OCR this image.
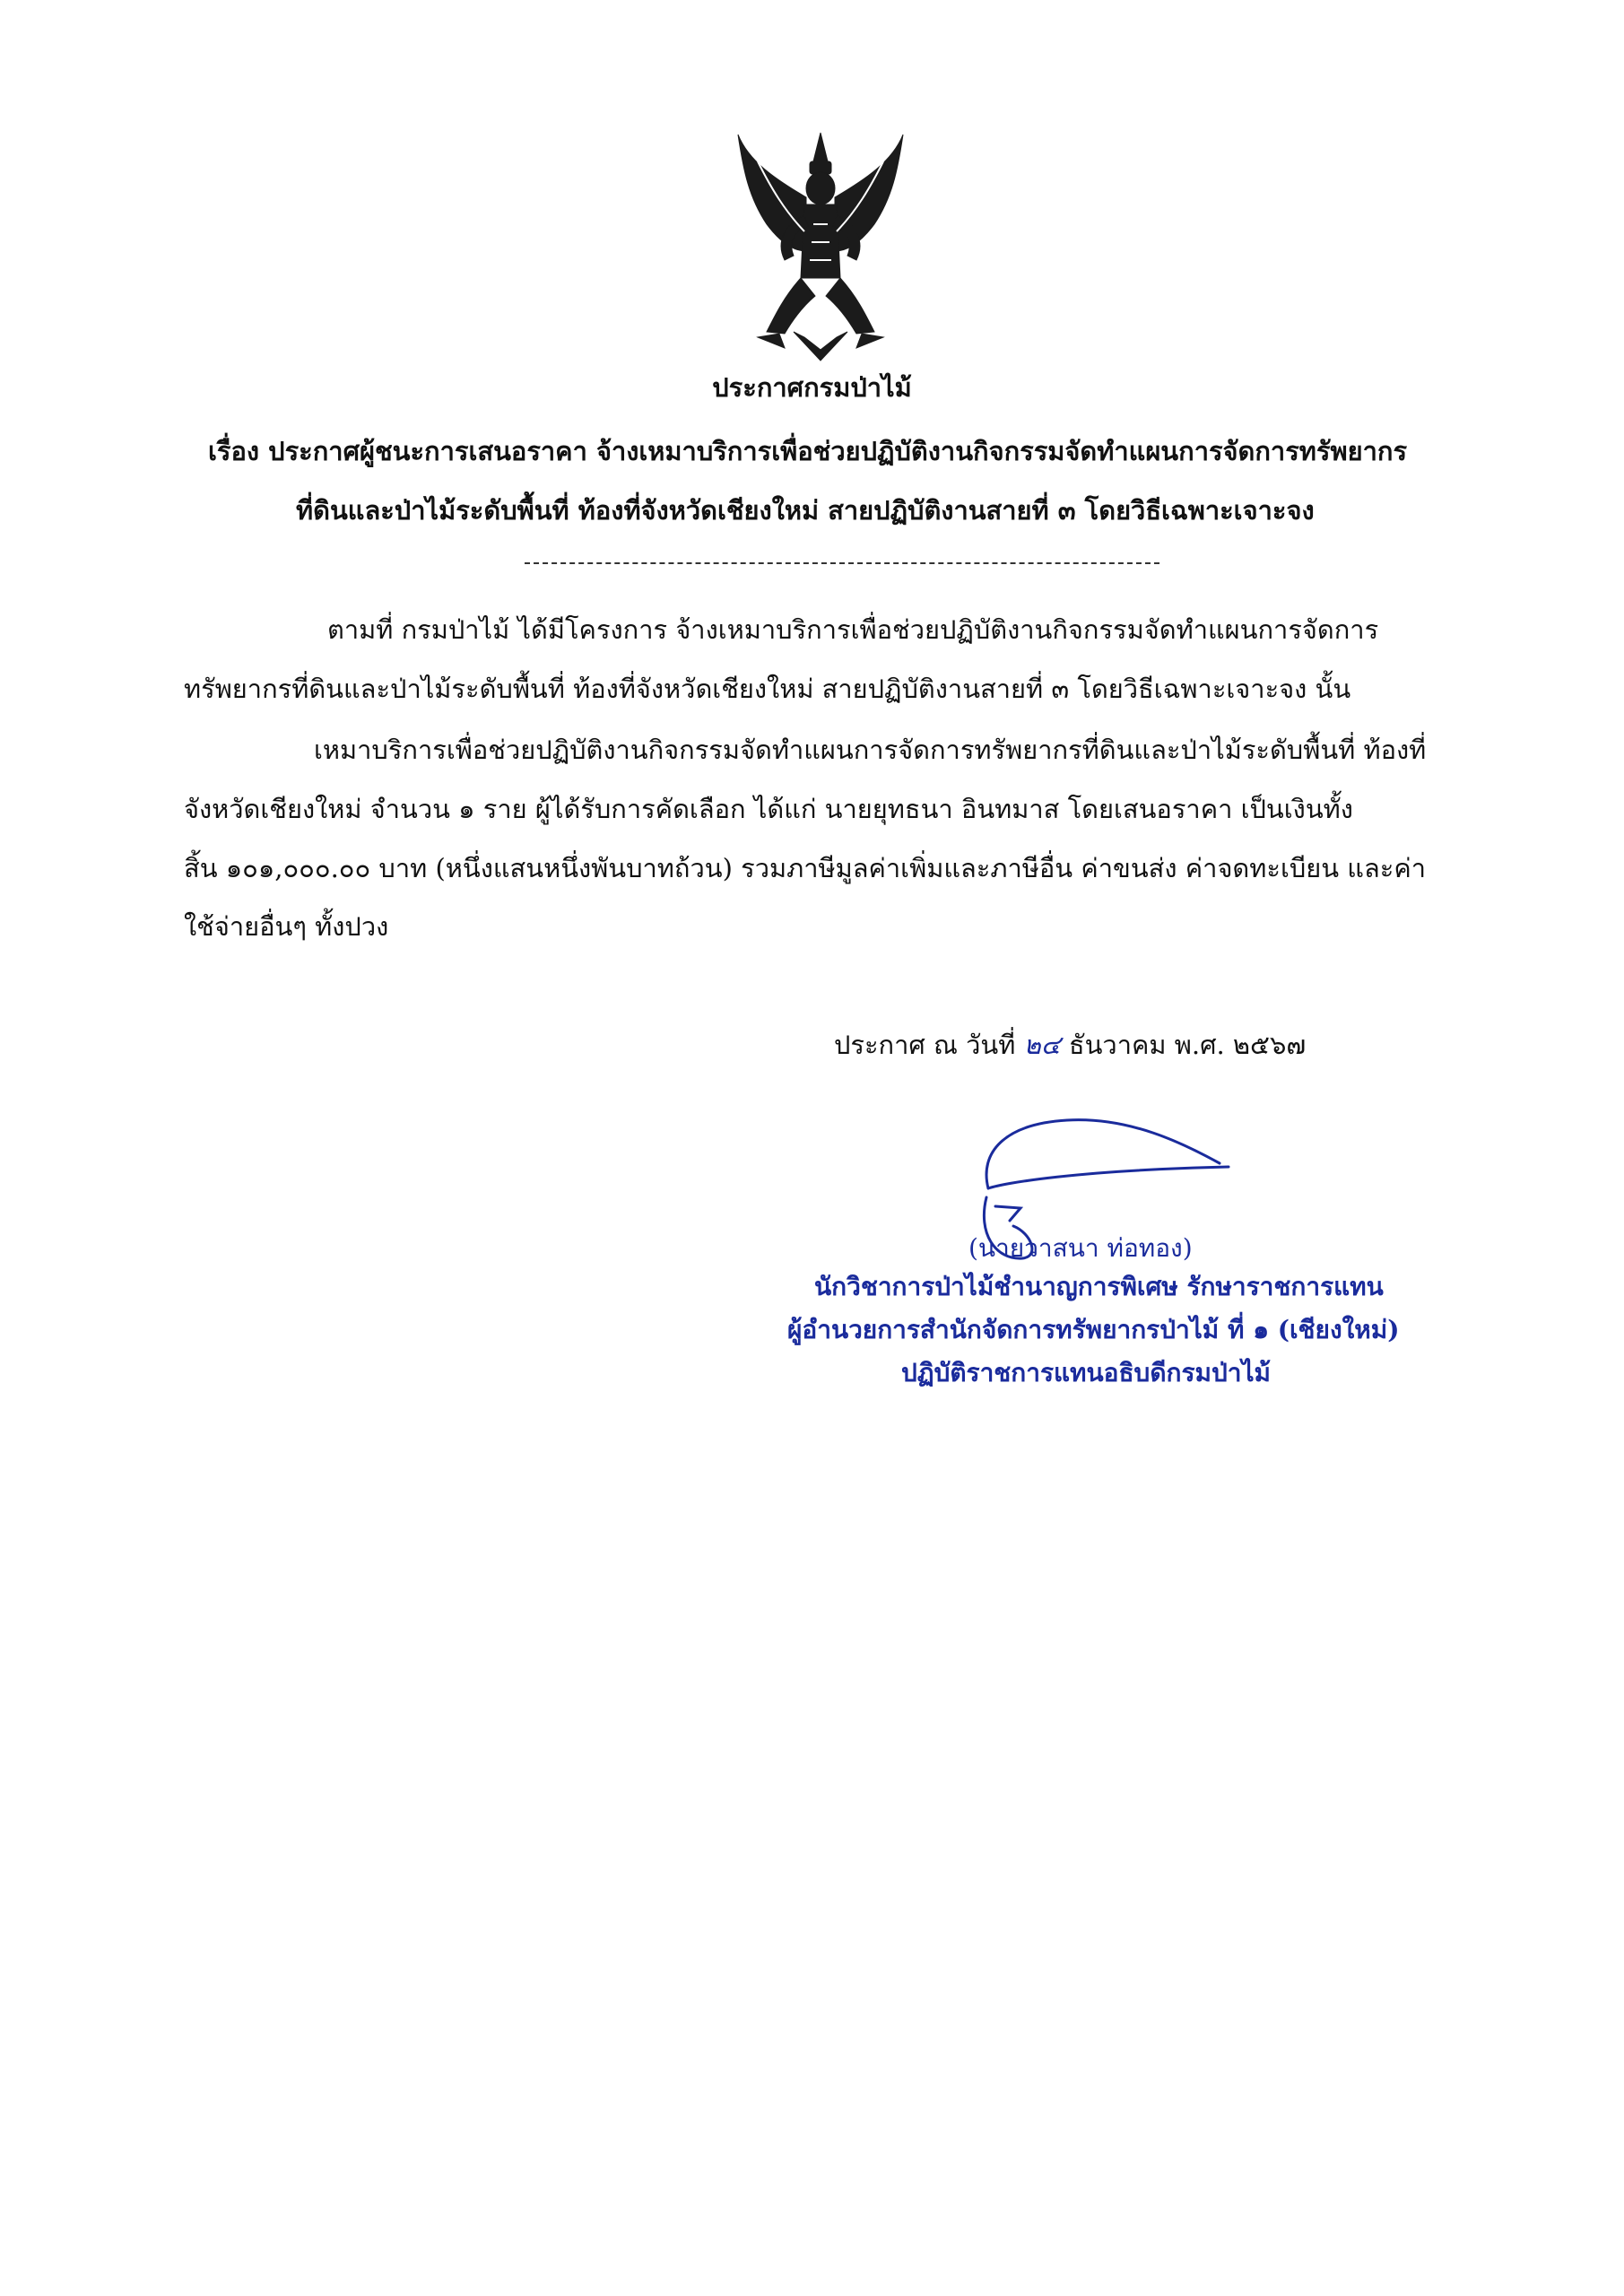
ประกาศกรมป่าไม้
เรื่อง ประกาศผู้ชนะการเสนอราคา จ้างเหมาบริการเพื่อช่วยปฏิบัติงานกิจกรรมจัดทำแผนการจัดการทรัพยากร
ที่ดินและป่าไม้ระดับพื้นที่ ท้องที่จังหวัดเชียงใหม่ สายปฏิบัติงานสายที่ ๓ โดยวิธีเฉพาะเจาะจง
ตามที่ กรมป่าไม้ ได้มีโครงการ จ้างเหมาบริการเพื่อช่วยปฏิบัติงานกิจกรรมจัดทำแผนการจัดการ
ทรัพยากรที่ดินและป่าไม้ระดับพื้นที่ ท้องที่จังหวัดเชียงใหม่ สายปฏิบัติงานสายที่ ๓ โดยวิธีเฉพาะเจาะจง นั้น
เหมาบริการเพื่อช่วยปฏิบัติงานกิจกรรมจัดทำแผนการจัดการทรัพยากรที่ดินและป่าไม้ระดับพื้นที่ ท้องที่
จังหวัดเชียงใหม่ จำนวน ๑ ราย ผู้ได้รับการคัดเลือก ได้แก่ นายยุทธนา อินทมาส โดยเสนอราคา เป็นเงินทั้ง
สิ้น ๑๐๑,๐๐๐.๐๐ บาท (หนึ่งแสนหนึ่งพันบาทถ้วน) รวมภาษีมูลค่าเพิ่มและภาษีอื่น ค่าขนส่ง ค่าจดทะเบียน และค่า
ใช้จ่ายอื่นๆ ทั้งปวง
ประกาศ ณ วันที่ ๒๔ ธันวาคม พ.ศ. ๒๕๖๗
(นายวาสนา ท่อทอง)
นักวิชาการป่าไม้ชำนาญการพิเศษ รักษาราชการแทน
ผู้อำนวยการสำนักจัดการทรัพยากรป่าไม้ ที่ ๑ (เชียงใหม่)
ปฏิบัติราชการแทนอธิบดีกรมป่าไม้
